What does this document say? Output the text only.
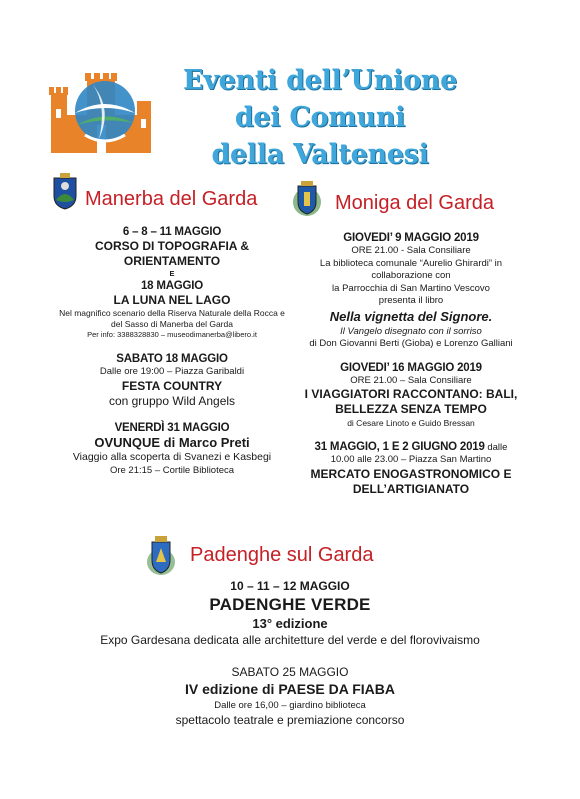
Eventi dell’Unione
dei Comuni
della Valtenesi
Manerba del Garda	Moniga del Garda
6 – 8 – 11 MAGGIO
CORSO DI TOPOGRAFIA &
ORIENTAMENTO
E
18 MAGGIO
LA LUNA NEL LAGO
Nel magnifico scenario della Riserva Naturale della Rocca e
del Sasso di Manerba del Garda
Per info: 3388328830 – museodimanerba@libero.it
SABATO 18 MAGGIO
Dalle ore 19:00 – Piazza Garibaldi
FESTA COUNTRY
con gruppo Wild Angels
VENERDÌ 31 MAGGIO
OVUNQUE di Marco Preti
Viaggio alla scoperta di Svanezi e Kasbegi
Ore 21:15 – Cortile Biblioteca
GIOVEDI’ 9 MAGGIO 2019
ORE 21.00 - Sala Consiliare
La biblioteca comunale “Aurelio Ghirardi” in
collaborazione con
la Parrocchia di San Martino Vescovo
presenta il libro
Nella vignetta del Signore.
Il Vangelo disegnato con il sorriso
di Don Giovanni Berti (Gioba) e Lorenzo Galliani
GIOVEDI’ 16 MAGGIO 2019
ORE 21.00 – Sala Consiliare
I VIAGGIATORI RACCONTANO: BALI,
BELLEZZA SENZA TEMPO
di Cesare Linoto e Guido Bressan
31 MAGGIO, 1 E 2 GIUGNO 2019 dalle
10.00 alle 23.00 – Piazza San Martino
MERCATO ENOGASTRONOMICO E
DELL’ARTIGIANATO
Padenghe sul Garda
10 – 11 – 12 MAGGIO
PADENGHE VERDE
13° edizione
Expo Gardesana dedicata alle architetture del verde e del florovivaismo
SABATO 25 MAGGIO
IV edizione di PAESE DA FIABA
Dalle ore 16,00 – giardino biblioteca
spettacolo teatrale e premiazione concorso
